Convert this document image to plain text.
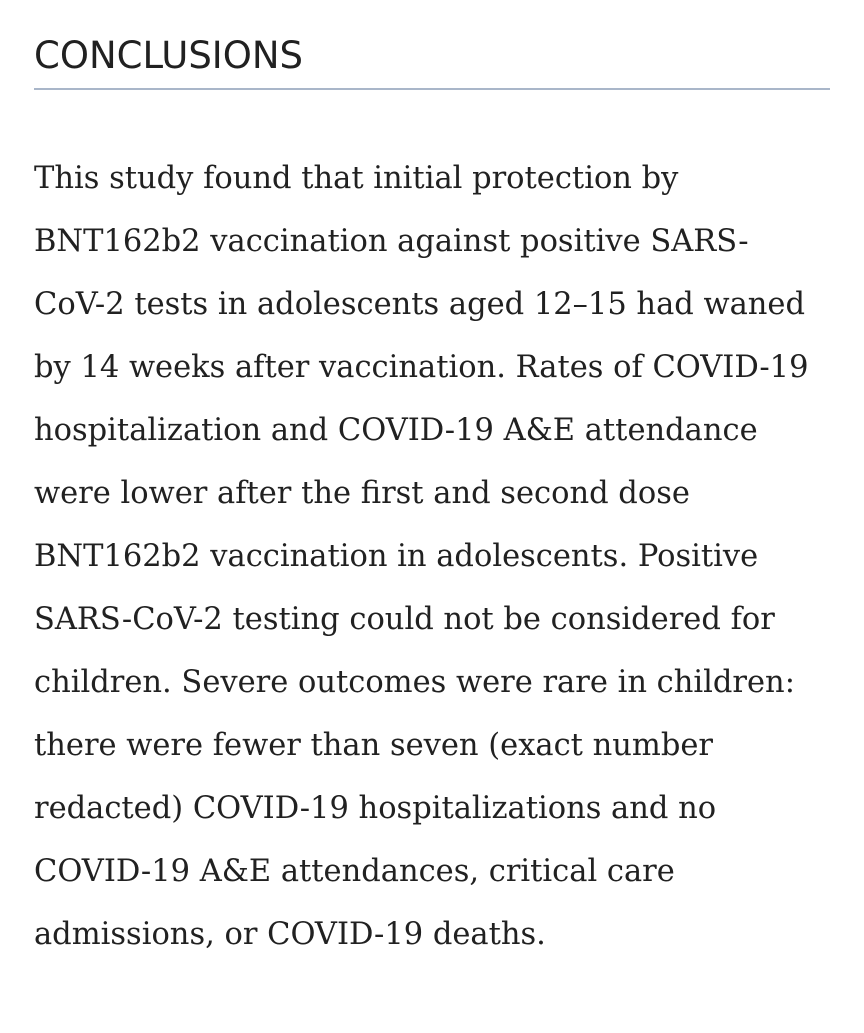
CONCLUSIONS

This study found that initial protection by
BNT162b2 vaccination against positive SARS-
CoV-2 tests in adolescents aged 12–15 had waned
by 14 weeks after vaccination. Rates of COVID-19
hospitalization and COVID-19 A&E attendance
were lower after the first and second dose
BNT162b2 vaccination in adolescents. Positive
SARS-CoV-2 testing could not be considered for
children. Severe outcomes were rare in children:
there were fewer than seven (exact number
redacted) COVID-19 hospitalizations and no
COVID-19 A&E attendances, critical care
admissions, or COVID-19 deaths.
